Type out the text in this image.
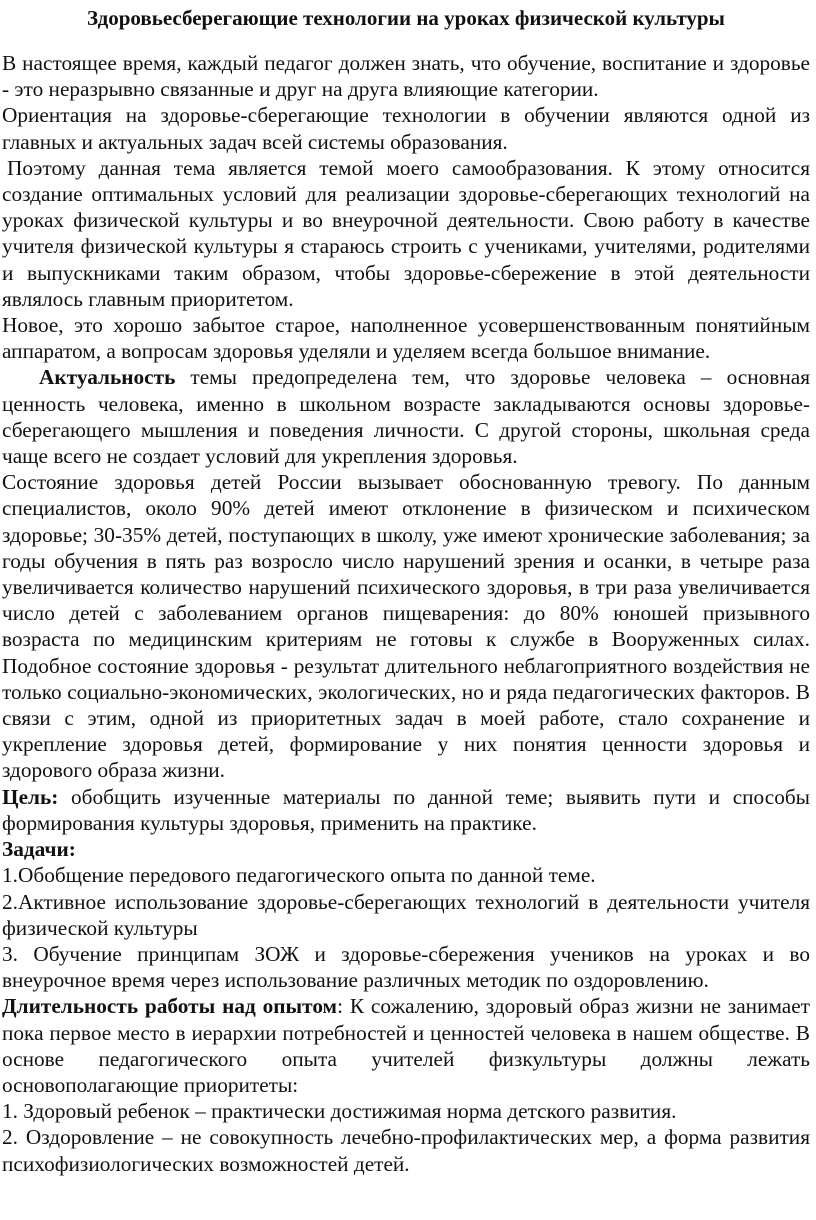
Здоровьесберегающие технологии на уроках физической культуры

В настоящее время, каждый педагог должен знать, что обучение, воспитание и здоровье - это неразрывно связанные и друг на друга влияющие категории.

Ориентация на здоровье-сберегающие технологии в обучении являются одной из главных и актуальных задач всей системы образования.

Поэтому данная тема является темой моего самообразования. К этому относится создание оптимальных условий для реализации здоровье-сберегающих технологий на уроках физической культуры и во внеурочной деятельности. Свою работу в качестве учителя физической культуры я стараюсь строить с учениками, учителями, родителями и выпускниками таким образом, чтобы здоровье-сбережение в этой деятельности являлось главным приоритетом.

Новое, это хорошо забытое старое, наполненное усовершенствованным понятийным аппаратом, а вопросам здоровья уделяли и уделяем всегда большое внимание.

Актуальность темы предопределена тем, что здоровье человека – основная ценность человека, именно в школьном возрасте закладываются основы здоровье-сберегающего мышления и поведения личности. С другой стороны, школьная среда чаще всего не создает условий для укрепления здоровья.

Состояние здоровья детей России вызывает обоснованную тревогу. По данным специалистов, около 90% детей имеют отклонение в физическом и психическом здоровье; 30-35% детей, поступающих в школу, уже имеют хронические заболевания; за годы обучения в пять раз возросло число нарушений зрения и осанки, в четыре раза увеличивается количество нарушений психического здоровья, в три раза увеличивается число детей с заболеванием органов пищеварения: до 80% юношей призывного возраста по медицинским критериям не готовы к службе в Вооруженных силах. Подобное состояние здоровья - результат длительного неблагоприятного воздействия не только социально-экономических, экологических, но и ряда педагогических факторов. В связи с этим, одной из приоритетных задач в моей работе, стало сохранение и укрепление здоровья детей, формирование у них понятия ценности здоровья и здорового образа жизни.

Цель: обобщить изученные материалы по данной теме; выявить пути и способы формирования культуры здоровья, применить на практике.

Задачи:

1.Обобщение передового педагогического опыта по данной теме.

2.Активное использование здоровье-сберегающих технологий в деятельности учителя физической культуры

3. Обучение принципам ЗОЖ и здоровье-сбережения учеников на уроках и во внеурочное время через использование различных методик по оздоровлению.

Длительность работы над опытом: К сожалению, здоровый образ жизни не занимает пока первое место в иерархии потребностей и ценностей человека в нашем обществе. В основе педагогического опыта учителей физкультуры должны лежать основополагающие приоритеты:

1. Здоровый ребенок – практически достижимая норма детского развития.

2. Оздоровление – не совокупность лечебно-профилактических мер, а форма развития психофизиологических возможностей детей.
